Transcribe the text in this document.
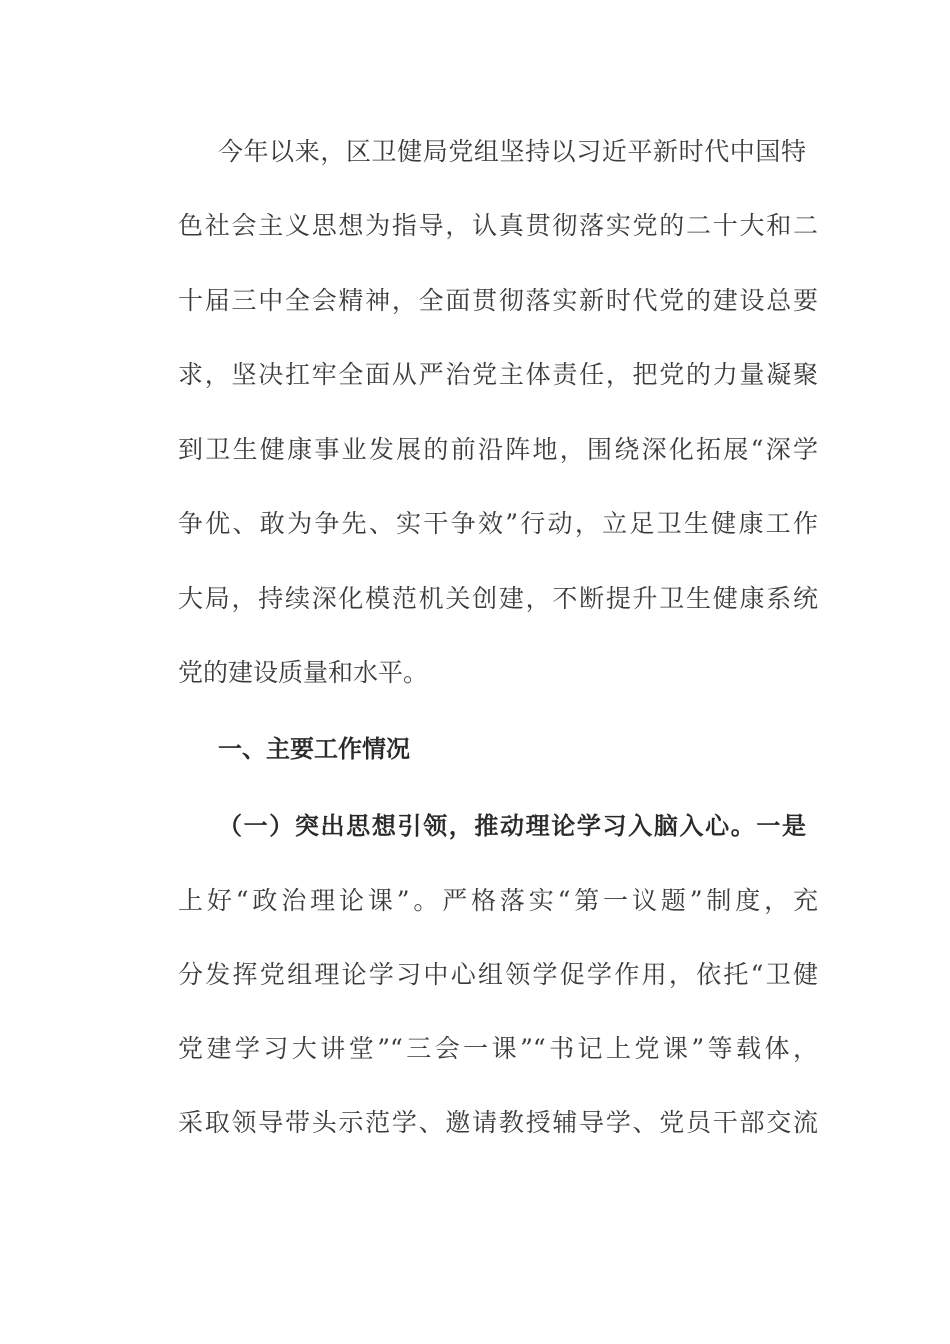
今年以来，区卫健局党组坚持以习近平新时代中国特
色社会主义思想为指导，认真贯彻落实党的二十大和二
十届三中全会精神，全面贯彻落实新时代党的建设总要
求，坚决扛牢全面从严治党主体责任，把党的力量凝聚
到卫生健康事业发展的前沿阵地，围绕深化拓展“深学
争优、敢为争先、实干争效”行动，立足卫生健康工作
大局，持续深化模范机关创建，不断提升卫生健康系统
党的建设质量和水平。
一、主要工作情况
（一）突出思想引领，推动理论学习入脑入心。一是
上好“政治理论课”。严格落实“第一议题”制度，充
分发挥党组理论学习中心组领学促学作用，依托“卫健
党建学习大讲堂”“三会一课”“书记上党课”等载体，
采取领导带头示范学、邀请教授辅导学、党员干部交流
